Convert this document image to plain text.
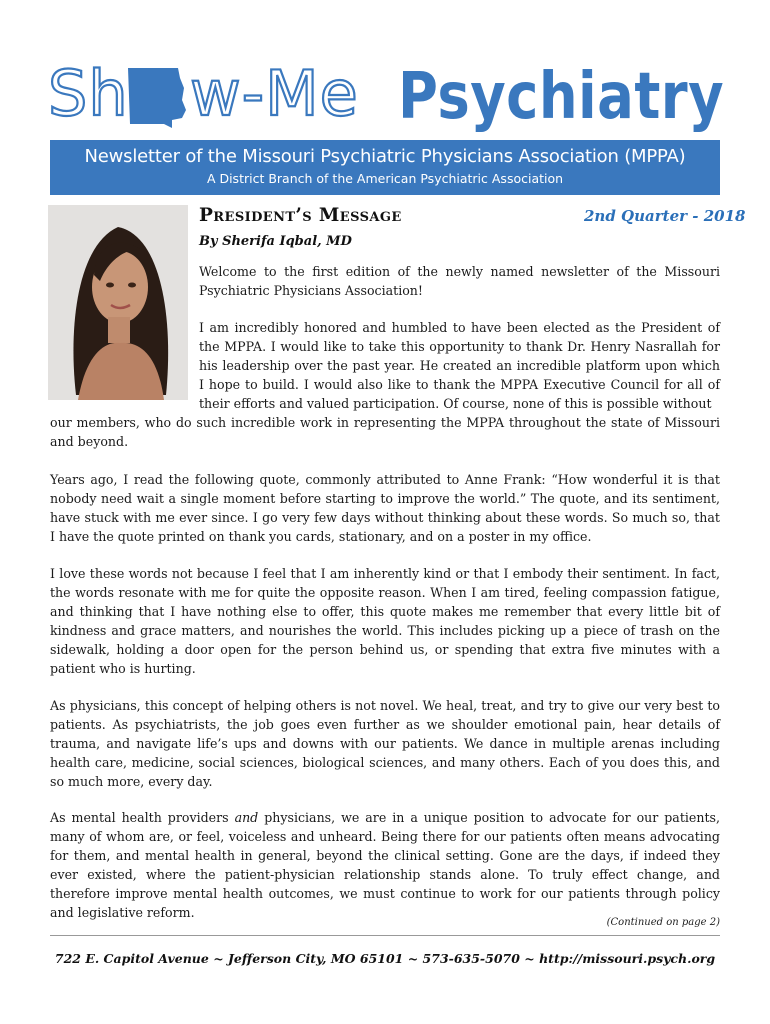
Sh w-Me Psychiatry
Newsletter of the Missouri Psychiatric Physicians Association (MPPA)
A District Branch of the American Psychiatric Association
President’s Message	2nd Quarter - 2018
By Sherifa Iqbal, MD

Welcome to the first edition of the newly named newsletter of the Missouri Psychiatric Physicians Association!

I am incredibly honored and humbled to have been elected as the President of the MPPA. I would like to take this opportunity to thank Dr. Henry Nasrallah for his leadership over the past year. He created an incredible platform upon which I hope to build. I would also like to thank the MPPA Executive Council for all of their efforts and valued participation. Of course, none of this is possible without

our members, who do such incredible work in representing the MPPA throughout the state of Missouri and beyond.

Years ago, I read the following quote, commonly attributed to Anne Frank: “How wonderful it is that nobody need wait a single moment before starting to improve the world.” The quote, and its sentiment, have stuck with me ever since. I go very few days without thinking about these words. So much so, that I have the quote printed on thank you cards, stationary, and on a poster in my office.

I love these words not because I feel that I am inherently kind or that I embody their sentiment. In fact, the words resonate with me for quite the opposite reason. When I am tired, feeling compassion fatigue, and thinking that I have nothing else to offer, this quote makes me remember that every little bit of kindness and grace matters, and nourishes the world. This includes picking up a piece of trash on the sidewalk, holding a door open for the person behind us, or spending that extra five minutes with a patient who is hurting.

As physicians, this concept of helping others is not novel. We heal, treat, and try to give our very best to patients. As psychiatrists, the job goes even further as we shoulder emotional pain, hear details of trauma, and navigate life’s ups and downs with our patients. We dance in multiple arenas including health care, medicine, social sciences, biological sciences, and many others. Each of you does this, and so much more, every day.

As mental health providers and physicians, we are in a unique position to advocate for our patients, many of whom are, or feel, voiceless and unheard. Being there for our patients often means advocating for them, and mental health in general, beyond the clinical setting. Gone are the days, if indeed they ever existed, where the patient-physician relationship stands alone. To truly effect change, and therefore improve mental health outcomes, we must continue to work for our patients through policy and legislative reform.

(Continued on page 2)
722 E. Capitol Avenue ~ Jefferson City, MO 65101 ~ 573-635-5070 ~ http://missouri.psych.org
